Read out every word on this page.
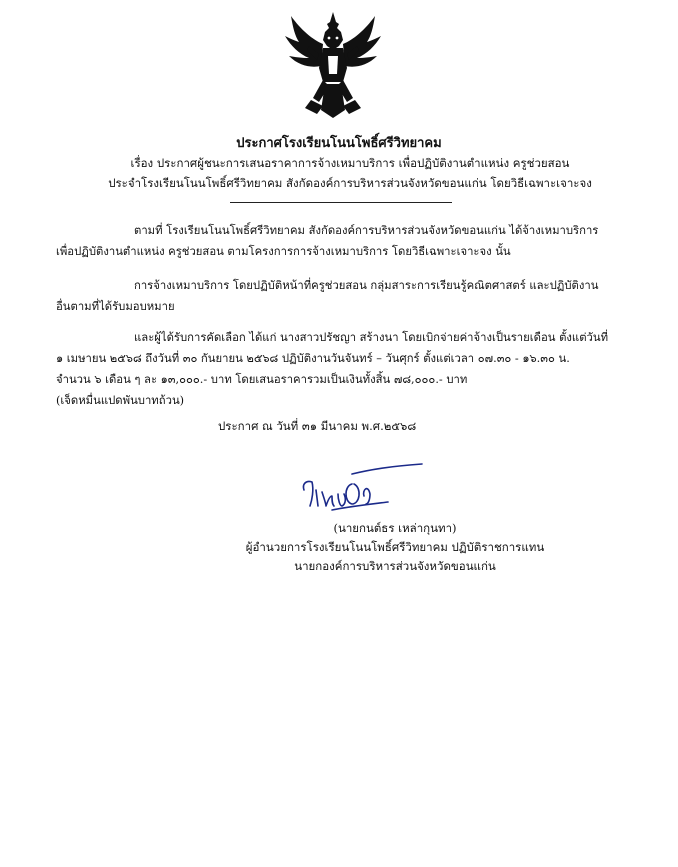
ประกาศโรงเรียนโนนโพธิ์ศรีวิทยาคม
เรื่อง ประกาศผู้ชนะการเสนอราคาการจ้างเหมาบริการ เพื่อปฏิบัติงานตำแหน่ง ครูช่วยสอน
ประจำโรงเรียนโนนโพธิ์ศรีวิทยาคม สังกัดองค์การบริหารส่วนจังหวัดขอนแก่น โดยวิธีเฉพาะเจาะจง
ตามที่ โรงเรียนโนนโพธิ์ศรีวิทยาคม สังกัดองค์การบริหารส่วนจังหวัดขอนแก่น ได้จ้างเหมาบริการ
เพื่อปฏิบัติงานตำแหน่ง ครูช่วยสอน ตามโครงการการจ้างเหมาบริการ โดยวิธีเฉพาะเจาะจง นั้น
การจ้างเหมาบริการ โดยปฏิบัติหน้าที่ครูช่วยสอน กลุ่มสาระการเรียนรู้คณิตศาสตร์ และปฏิบัติงาน
อื่นตามที่ได้รับมอบหมาย
และผู้ได้รับการคัดเลือก ได้แก่ นางสาวปรัชญา สร้างนา โดยเบิกจ่ายค่าจ้างเป็นรายเดือน ตั้งแต่วันที่
๑ เมษายน ๒๕๖๘ ถึงวันที่ ๓๐ กันยายน ๒๕๖๘ ปฏิบัติงานวันจันทร์ – วันศุกร์ ตั้งแต่เวลา ๐๗.๓๐ - ๑๖.๓๐ น.
จำนวน ๖ เดือน ๆ ละ ๑๓,๐๐๐.- บาท โดยเสนอราคารวมเป็นเงินทั้งสิ้น ๗๘,๐๐๐.- บาท
(เจ็ดหมื่นแปดพันบาทถ้วน)
ประกาศ ณ วันที่ ๓๑ มีนาคม พ.ศ.๒๕๖๘
(นายกนต์ธร เหล่ากุนทา)
ผู้อำนวยการโรงเรียนโนนโพธิ์ศรีวิทยาคม ปฏิบัติราชการแทน
นายกองค์การบริหารส่วนจังหวัดขอนแก่น
